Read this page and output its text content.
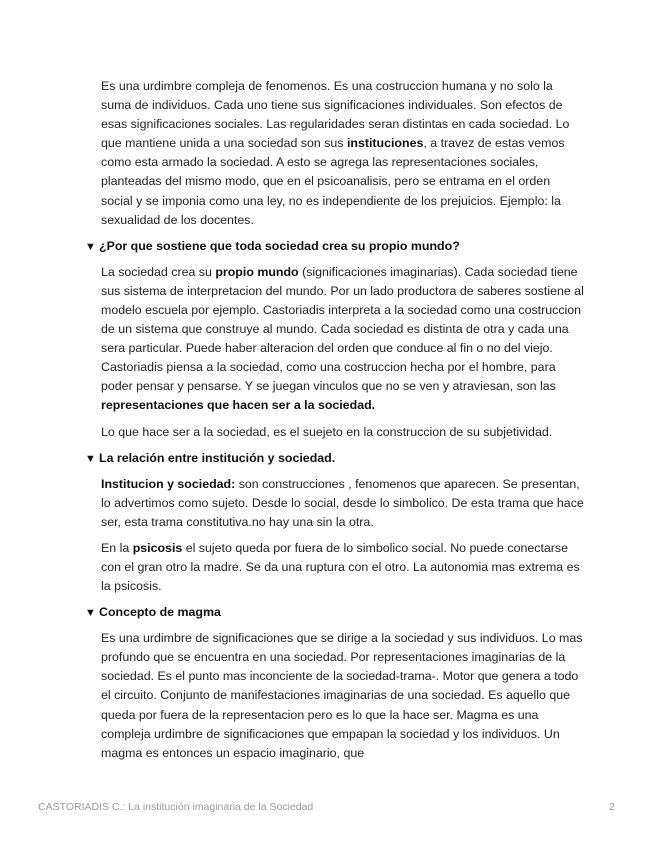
Es una urdimbre compleja de fenomenos. Es una costruccion humana y no solo la suma de individuos. Cada uno tiene sus significaciones individuales. Son efectos de esas significaciones sociales. Las regularidades seran distintas en cada sociedad. Lo que mantiene unida a una sociedad son sus instituciones, a travez de estas vemos como esta armado la sociedad. A esto se agrega las representaciones sociales, planteadas del mismo modo, que en el psicoanalisis, pero se entrama en el orden social y se imponia como una ley, no es independiente de los prejuicios. Ejemplo: la sexualidad de los docentes.

▼ ¿Por que sostiene que toda sociedad crea su propio mundo?

La sociedad crea su propio mundo (significaciones imaginarias). Cada sociedad tiene sus sistema de interpretacion del mundo. Por un lado productora de saberes sostiene al modelo escuela por ejemplo. Castoriadis interpreta a la sociedad como una costruccion de un sistema que construye al mundo. Cada sociedad es distinta de otra y cada una sera particular. Puede haber alteracion del orden que conduce al fin o no del viejo. Castoriadis piensa a la sociedad, como una costruccion hecha por el hombre, para poder pensar y pensarse. Y se juegan vinculos que no se ven y atraviesan, son las representaciones que hacen ser a la sociedad.

Lo que hace ser a la sociedad, es el suejeto en la construccion de su subjetividad.

▼ La relación entre institución y sociedad.

Institucion y sociedad: son construcciones , fenomenos que aparecen. Se presentan, lo advertimos como sujeto. Desde lo social, desde lo simbolico. De esta trama que hace ser, esta trama constitutiva.no hay una sin la otra.

En la psicosis el sujeto queda por fuera de lo simbolico social. No puede conectarse con el gran otro la madre. Se da una ruptura con el otro. La autonomia mas extrema es la psicosis.

▼ Concepto de magma

Es una urdimbre de significaciones que se dirige a la sociedad y sus individuos. Lo mas profundo que se encuentra en una sociedad. Por representaciones imaginarias de la sociedad. Es el punto mas inconciente de la sociedad-trama-. Motor que genera a todo el circuito. Conjunto de manifestaciones imaginarias de una sociedad. Es aquello que queda por fuera de la representacion pero es lo que la hace ser. Magma es una compleja urdimbre de significaciones que empapan la sociedad y los individuos. Un magma es entonces un espacio imaginario, que

CASTORIADIS C.: La institución imaginaria de la Sociedad	2
